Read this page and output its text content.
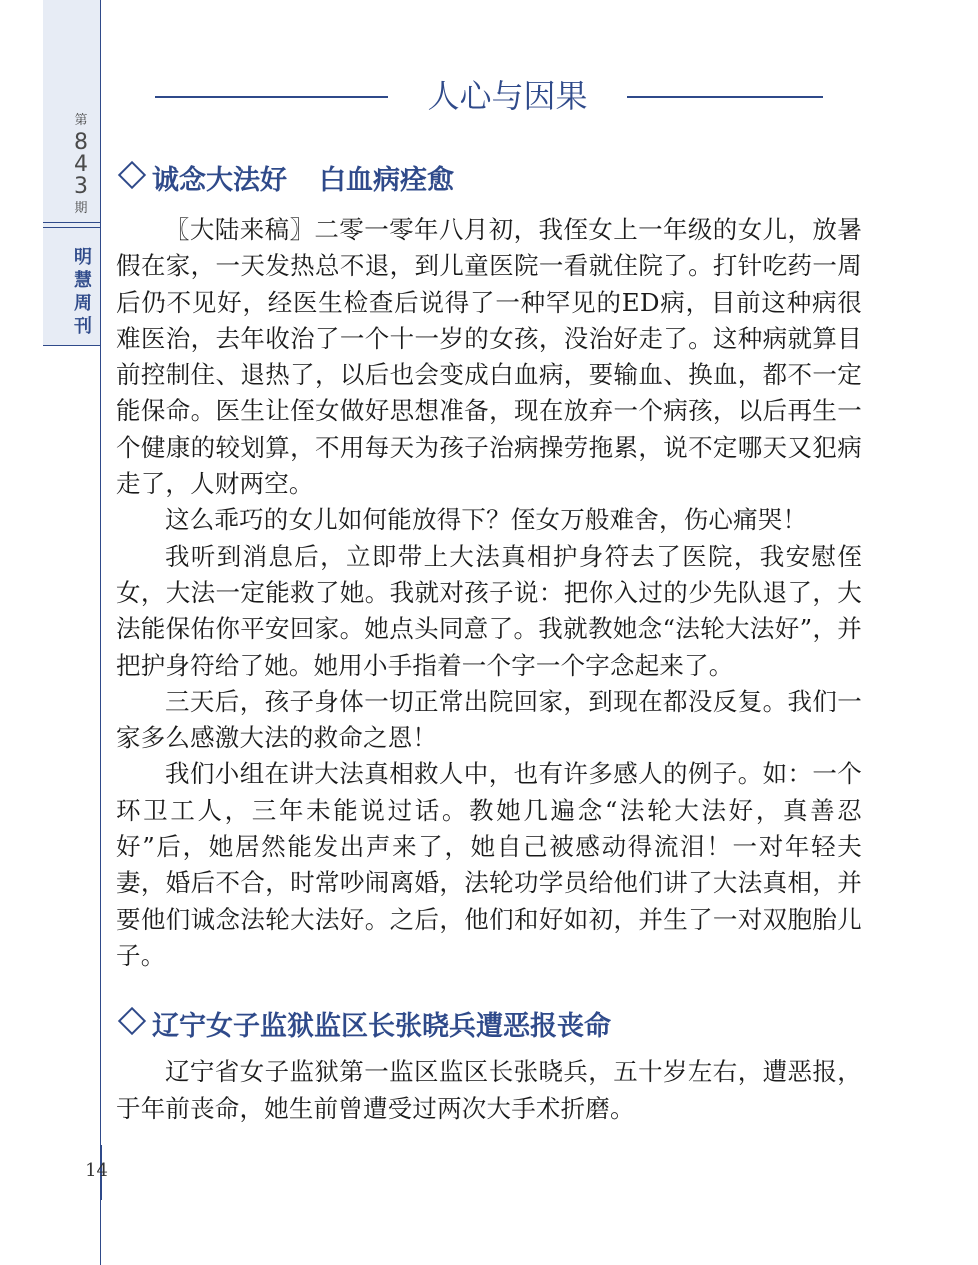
第
8
4
3
期
明
慧
周
刊
14
人心与因果
诚念大法好 白血病痊愈

〖大陆来稿〗二零一零年八月初，我侄女上一年级的女儿，放暑假在家，一天发热总不退，到儿童医院一看就住院了。打针吃药一周后仍不见好，经医生检查后说得了一种罕见的ED病，目前这种病很难医治，去年收治了一个十一岁的女孩，没治好走了。这种病就算目前控制住、退热了，以后也会变成白血病，要输血、换血，都不一定能保命。医生让侄女做好思想准备，现在放弃一个病孩，以后再生一个健康的较划算，不用每天为孩子治病操劳拖累，说不定哪天又犯病走了，人财两空。

这么乖巧的女儿如何能放得下？侄女万般难舍，伤心痛哭！

我听到消息后，立即带上大法真相护身符去了医院，我安慰侄女，大法一定能救了她。我就对孩子说：把你入过的少先队退了，大法能保佑你平安回家。她点头同意了。我就教她念“法轮大法好”，并把护身符给了她。她用小手指着一个字一个字念起来了。

三天后，孩子身体一切正常出院回家，到现在都没反复。我们一家多么感激大法的救命之恩！

我们小组在讲大法真相救人中，也有许多感人的例子。如：一个环卫工人，三年未能说过话。教她几遍念“法轮大法好，真善忍好”后，她居然能发出声来了，她自己被感动得流泪！一对年轻夫妻，婚后不合，时常吵闹离婚，法轮功学员给他们讲了大法真相，并要他们诚念法轮大法好。之后，他们和好如初，并生了一对双胞胎儿子。

辽宁女子监狱监区长张晓兵遭恶报丧命

辽宁省女子监狱第一监区监区长张晓兵，五十岁左右，遭恶报，于年前丧命，她生前曾遭受过两次大手术折磨。
